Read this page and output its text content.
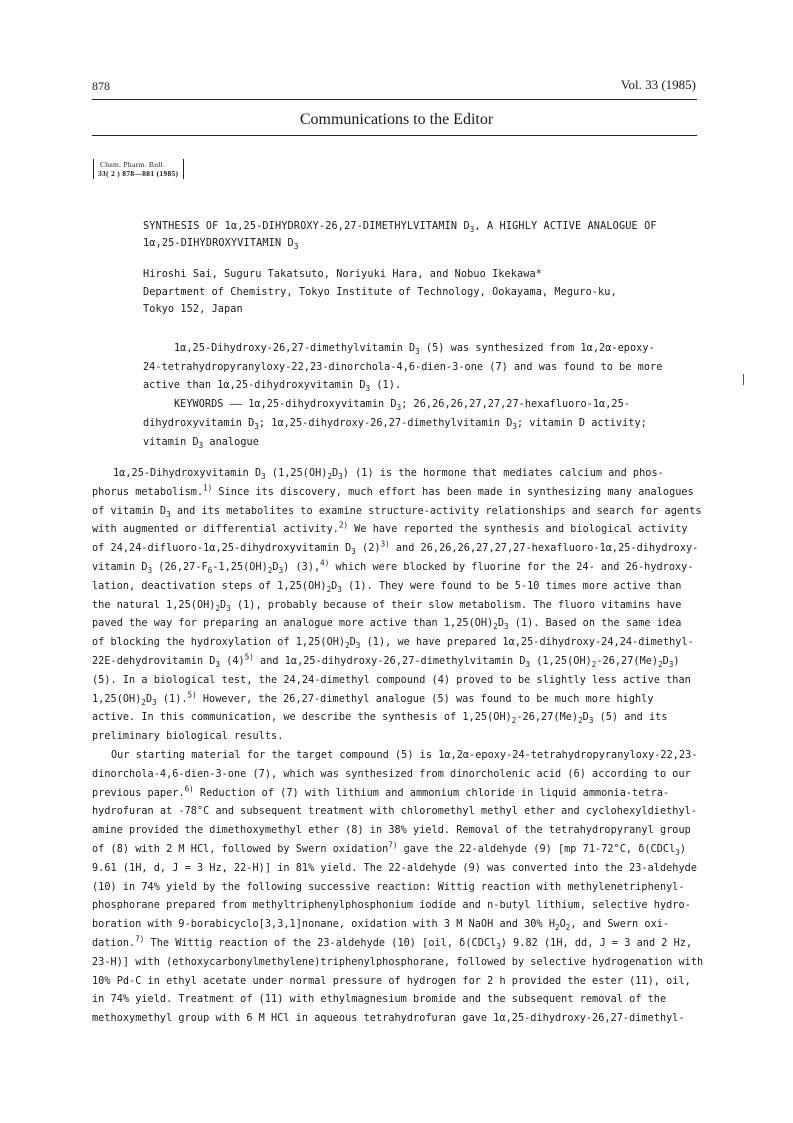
878	Vol. 33 (1985)
Communications to the Editor
Chem. Pharm. Bull.
33( 2 ) 878—881 (1985)
SYNTHESIS OF 1α,25-DIHYDROXY-26,27-DIMETHYLVITAMIN $D_3$, A HIGHLY ACTIVE ANALOGUE OF
1α,25-DIHYDROXYVITAMIN $D_3$
Hiroshi Sai, Suguru Takatsuto, Noriyuki Hara, and Nobuo Ikekawa*
Department of Chemistry, Tokyo Institute of Technology, Ookayama, Meguro-ku,
Tokyo 152, Japan
1α,25-Dihydroxy-26,27-dimethylvitamin $D_3$ (5) was synthesized from 1α,2α-epoxy-
24-tetrahydropyranyloxy-22,23-dinorchola-4,6-dien-3-one (7) and was found to be more
active than 1α,25-dihydroxyvitamin $D_3$ (1).
KEYWORDS ―― 1α,25-dihydroxyvitamin $D_3$; 26,26,26,27,27,27-hexafluoro-1α,25-
dihydroxyvitamin $D_3$; 1α,25-dihydroxy-26,27-dimethylvitamin $D_3$; vitamin D activity;
vitamin $D_3$ analogue
1α,25-Dihydroxyvitamin $D_3$ $(1,25(OH)_2D_3)$ (1) is the hormone that mediates calcium and phos-
phorus metabolism.$^{1)}$ Since its discovery, much effort has been made in synthesizing many analogues
of vitamin $D_3$ and its metabolites to examine structure-activity relationships and search for agents
with augmented or differential activity.$^{2)}$ We have reported the synthesis and biological activity
of 24,24-difluoro-1α,25-dihydroxyvitamin $D_3$ $(2)^{3)}$ and 26,26,26,27,27,27-hexafluoro-1α,25-dihydroxy-
vitamin $D_3$ $(26,27-F_6-1,25(OH)_2D_3)$ (3),$^{4)}$ which were blocked by fluorine for the 24- and 26-hydroxy-
lation, deactivation steps of $1,25(OH)_2D_3$ (1). They were found to be 5-10 times more active than
the natural $1,25(OH)_2D_3$ (1), probably because of their slow metabolism. The fluoro vitamins have
paved the way for preparing an analogue more active than $1,25(OH)_2D_3$ (1). Based on the same idea
of blocking the hydroxylation of $1,25(OH)_2D_3$ (1), we have prepared 1α,25-dihydroxy-24,24-dimethyl-
22E-dehydrovitamin $D_3$ $(4)^{5)}$ and 1α,25-dihydroxy-26,27-dimethylvitamin $D_3$ $(1,25(OH)_2-26,27(Me)_2D_3)$
(5). In a biological test, the 24,24-dimethyl compound (4) proved to be slightly less active than
$1,25(OH)_2D_3$ (1).$^{5)}$ However, the 26,27-dimethyl analogue (5) was found to be much more highly
active. In this communication, we describe the synthesis of $1,25(OH)_2-26,27(Me)_2D_3$ (5) and its
preliminary biological results.
Our starting material for the target compound (5) is 1α,2α-epoxy-24-tetrahydropyranyloxy-22,23-
dinorchola-4,6-dien-3-one (7), which was synthesized from dinorcholenic acid (6) according to our
previous paper.$^{6)}$ Reduction of (7) with lithium and ammonium chloride in liquid ammonia-tetra-
hydrofuran at -78°C and subsequent treatment with chloromethyl methyl ether and cyclohexyldiethyl-
amine provided the dimethoxymethyl ether (8) in 38% yield. Removal of the tetrahydropyranyl group
of (8) with 2 M HCl, followed by Swern oxidation$^{7)}$ gave the 22-aldehyde (9) [mp 71-72°C, δ(CDCl$_3$)
9.61 (1H, d, J = 3 Hz, 22-H)] in 81% yield. The 22-aldehyde (9) was converted into the 23-aldehyde
(10) in 74% yield by the following successive reaction: Wittig reaction with methylenetriphenyl-
phosphorane prepared from methyltriphenylphosphonium iodide and n-butyl lithium, selective hydro-
boration with 9-borabicyclo[3,3,1]nonane, oxidation with 3 M NaOH and 30% $H_2O_2$, and Swern oxi-
dation.$^{7)}$ The Wittig reaction of the 23-aldehyde (10) [oil, δ(CDCl$_3$) 9.82 (1H, dd, J = 3 and 2 Hz,
23-H)] with (ethoxycarbonylmethylene)triphenylphosphorane, followed by selective hydrogenation with
10% Pd-C in ethyl acetate under normal pressure of hydrogen for 2 h provided the ester (11), oil,
in 74% yield. Treatment of (11) with ethylmagnesium bromide and the subsequent removal of the
methoxymethyl group with 6 M HCl in aqueous tetrahydrofuran gave 1α,25-dihydroxy-26,27-dimethyl-
